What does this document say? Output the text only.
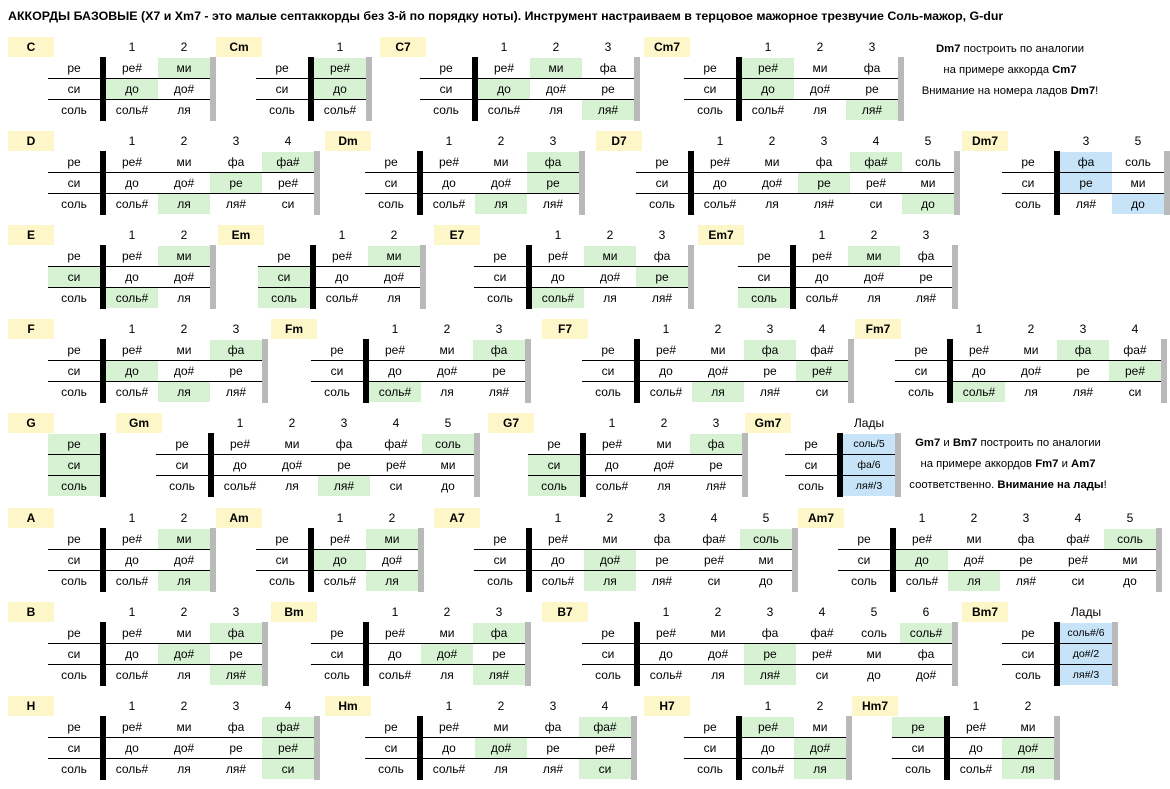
АККОРДЫ БАЗОВЫЕ (Х7 и Хm7 - это малые септаккорды без 3-й по порядку ноты). Инструмент настраиваем в терцовое мажорное трезвучие Соль-мажор, G-dur
C	1	2
ре	ре#	ми
си	до	до#
соль	соль#	ля
Cm	1
ре	ре#
си	до
соль	соль#
C7	1	2	3
ре	ре#	ми	фа
си	до	до#	ре
соль	соль#	ля	ля#
Cm7	1	2	3
ре	ре#	ми	фа
си	до	до#	ре
соль	соль#	ля	ля#
D	1	2	3	4
ре	ре#	ми	фа	фа#
си	до	до#	ре	ре#
соль	соль#	ля	ля#	си
Dm	1	2	3
ре	ре#	ми	фа
си	до	до#	ре
соль	соль#	ля	ля#
D7	1	2	3	4	5
ре	ре#	ми	фа	фа#	соль
си	до	до#	ре	ре#	ми
соль	соль#	ля	ля#	си	до
Dm7	3	5
ре	фа	соль
си	ре	ми
соль	ля#	до
E	1	2
ре	ре#	ми
си	до	до#
соль	соль#	ля
Em	1	2
ре	ре#	ми
си	до	до#
соль	соль#	ля
E7	1	2	3
ре	ре#	ми	фа
си	до	до#	ре
соль	соль#	ля	ля#
Em7	1	2	3
ре	ре#	ми	фа
си	до	до#	ре
соль	соль#	ля	ля#
F	1	2	3
ре	ре#	ми	фа
си	до	до#	ре
соль	соль#	ля	ля#
Fm	1	2	3
ре	ре#	ми	фа
си	до	до#	ре
соль	соль#	ля	ля#
F7	1	2	3	4
ре	ре#	ми	фа	фа#
си	до	до#	ре	ре#
соль	соль#	ля	ля#	си
Fm7	1	2	3	4
ре	ре#	ми	фа	фа#
си	до	до#	ре	ре#
соль	соль#	ля	ля#	си
G
ре
си
соль
Gm	1	2	3	4	5
ре	ре#	ми	фа	фа#	соль
си	до	до#	ре	ре#	ми
соль	соль#	ля	ля#	си	до
G7	1	2	3
ре	ре#	ми	фа
си	до	до#	ре
соль	соль#	ля	ля#
Gm7	Лады
ре	соль/5
си	фа/6
соль	ля#/3
A	1	2
ре	ре#	ми
си	до	до#
соль	соль#	ля
Am	1	2
ре	ре#	ми
си	до	до#
соль	соль#	ля
A7	1	2	3	4	5
ре	ре#	ми	фа	фа#	соль
си	до	до#	ре	ре#	ми
соль	соль#	ля	ля#	си	до
Am7	1	2	3	4	5
ре	ре#	ми	фа	фа#	соль
си	до	до#	ре	ре#	ми
соль	соль#	ля	ля#	си	до
B	1	2	3
ре	ре#	ми	фа
си	до	до#	ре
соль	соль#	ля	ля#
Bm	1	2	3
ре	ре#	ми	фа
си	до	до#	ре
соль	соль#	ля	ля#
B7	1	2	3	4	5	6
ре	ре#	ми	фа	фа#	соль	соль#
си	до	до#	ре	ре#	ми	фа
соль	соль#	ля	ля#	си	до	до#
Bm7	Лады
ре	соль#/6
си	до#/2
соль	ля#/3
H	1	2	3	4
ре	ре#	ми	фа	фа#
си	до	до#	ре	ре#
соль	соль#	ля	ля#	си
Hm	1	2	3	4
ре	ре#	ми	фа	фа#
си	до	до#	ре	ре#
соль	соль#	ля	ля#	си
H7	1	2
ре	ре#	ми
си	до	до#
соль	соль#	ля
Hm7	1	2
ре	ре#	ми
си	до	до#
соль	соль#	ля
Dm7 построить по аналогии
на примере аккорда Cm7
Внимание на номера ладов Dm7!
Gm7 и Bm7 построить по аналогии
на примере аккордов Fm7 и Am7
соответственно. Внимание на лады!
